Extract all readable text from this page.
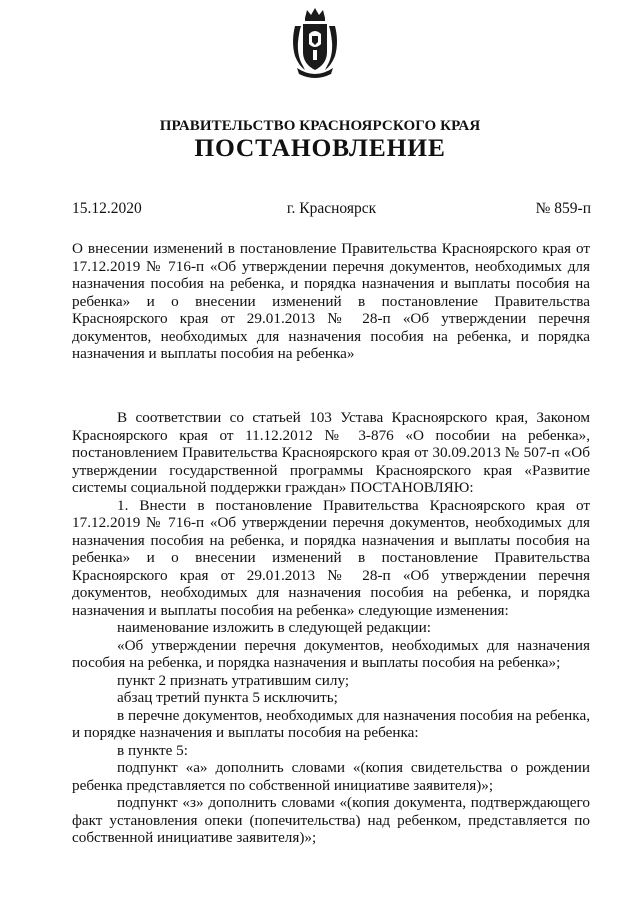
ПРАВИТЕЛЬСТВО КРАСНОЯРСКОГО КРАЯ
ПОСТАНОВЛЕНИЕ
15.12.2020	г. Красноярск	№ 859-п

О внесении изменений в постановление Правительства Красноярского края от 17.12.2019 № 716-п «Об утверждении перечня документов, необходимых для назначения пособия на ребенка, и порядка назначения и выплаты пособия на ребенка» и о внесении изменений в постановление Правительства Красноярского края от 29.01.2013 № 28-п «Об утверждении перечня документов, необходимых для назначения пособия на ребенка, и порядка назначения и выплаты пособия на ребенка»

В соответствии со статьей 103 Устава Красноярского края, Законом Красноярского края от 11.12.2012 № 3-876 «О пособии на ребенка», постановлением Правительства Красноярского края от 30.09.2013 № 507-п «Об утверждении государственной программы Красноярского края «Развитие системы социальной поддержки граждан» ПОСТАНОВЛЯЮ:

1. Внести в постановление Правительства Красноярского края от 17.12.2019 № 716-п «Об утверждении перечня документов, необходимых для назначения пособия на ребенка, и порядка назначения и выплаты пособия на ребенка» и о внесении изменений в постановление Правительства Красноярского края от 29.01.2013 № 28-п «Об утверждении перечня документов, необходимых для назначения пособия на ребенка, и порядка назначения и выплаты пособия на ребенка» следующие изменения:

наименование изложить в следующей редакции:

«Об утверждении перечня документов, необходимых для назначения пособия на ребенка, и порядка назначения и выплаты пособия на ребенка»;

пункт 2 признать утратившим силу;

абзац третий пункта 5 исключить;

в перечне документов, необходимых для назначения пособия на ребенка, и порядке назначения и выплаты пособия на ребенка:

в пункте 5:

подпункт «а» дополнить словами «(копия свидетельства о рождении ребенка представляется по собственной инициативе заявителя)»;

подпункт «з» дополнить словами «(копия документа, подтверждающего факт установления опеки (попечительства) над ребенком, представляется по собственной инициативе заявителя)»;
